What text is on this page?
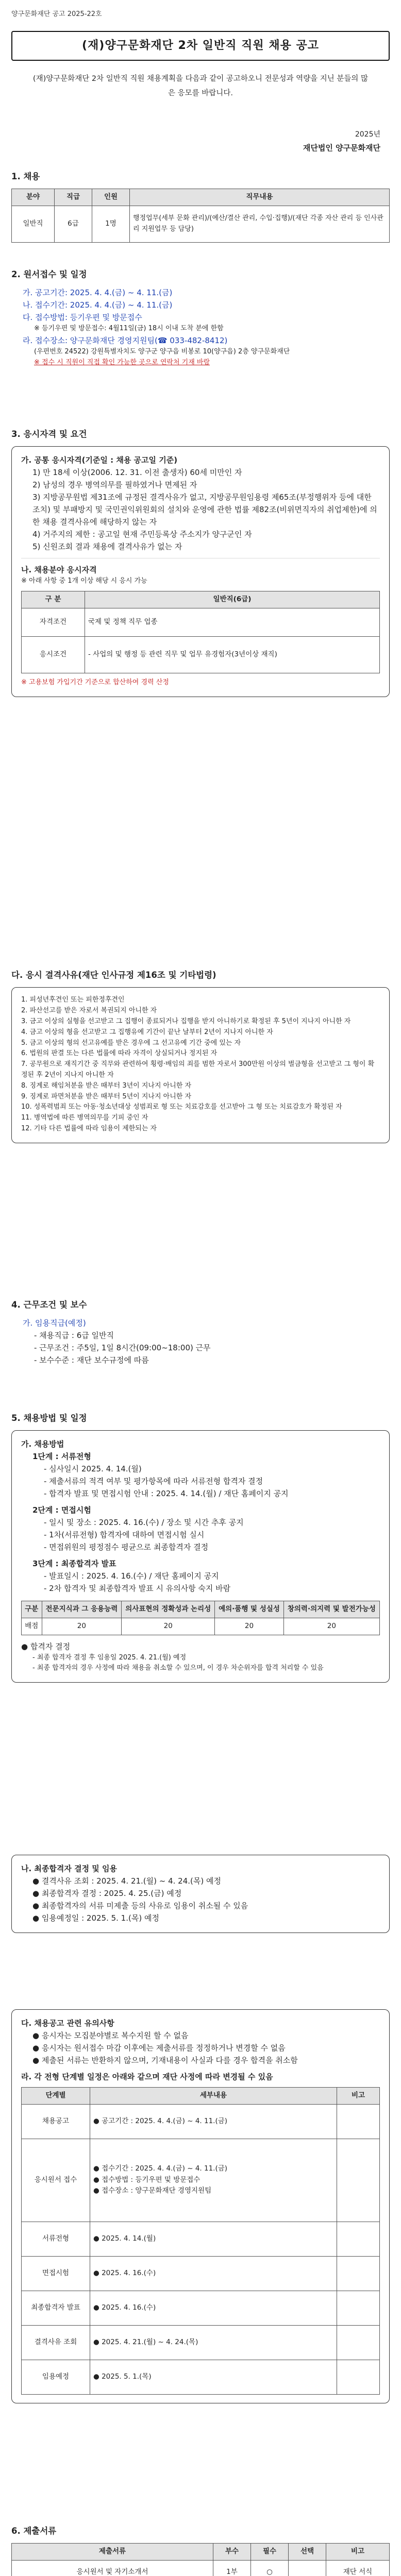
양구문화재단 공고 2025-22호
(재)양구문화재단 2차 일반직 직원 채용 공고
(재)양구문화재단 2차 일반직 직원 채용계획을 다음과 같이 공고하오니 전문성과 역량을 지닌 분들의 많은 응모를 바랍니다.
2025년
재단법인 양구문화재단
1. 채용
분야	직급	인원	직무내용
일반직	6급	1명	행정업무(세부 문화 관리)/(예산/결산 관리, 수입·집행)/(재단 각종 자산 관리 등 인사관리 지원업무 등 담당)
2. 원서접수 및 일정

가. 공고기간: 2025. 4. 4.(금) ~ 4. 11.(금)

나. 접수기간: 2025. 4. 4.(금) ~ 4. 11.(금)

다. 접수방법: 등기우편 및 방문접수

※ 등기우편 및 방문접수: 4월11일(금) 18시 이내 도착 분에 한함

라. 접수장소: 양구문화재단 경영지원팀(☎ 033-482-8412)

(우편번호 24522) 강원특별자치도 양구군 양구읍 비봉로 10(양구읍) 2층 양구문화재단

※ 접수 시 직원이 직접 확인 가능한 곳으로 연락처 기재 바람

3. 응시자격 및 요건

가. 공통 응시자격(기준일 : 채용 공고일 기준)

1) 만 18세 이상(2006. 12. 31. 이전 출생자) 60세 미만인 자

2) 남성의 경우 병역의무를 필하였거나 면제된 자

3) 지방공무원법 제31조에 규정된 결격사유가 없고, 지방공무원임용령 제65조(부정행위자 등에 대한 조치) 및 부패방지 및 국민권익위원회의 설치와 운영에 관한 법률 제82조(비위면직자의 취업제한)에 의한 채용 결격사유에 해당하지 않는 자

4) 거주지의 제한 : 공고일 현재 주민등록상 주소지가 양구군인 자

5) 신원조회 결과 채용에 결격사유가 없는 자

나. 채용분야 응시자격

※ 아래 사항 중 1개 이상 해당 시 응시 가능

구 분	일반직(6급)
자격조건	국제 및 정책 직무 업종
응시조건	- 사업의 및 행정 등 관련 직무 및 업무 유경험자(3년이상 재직)

※ 고용보험 가입기간 기준으로 합산하여 경력 산정

다. 응시 결격사유(재단 인사규정 제16조 및 기타법령)

1. 피성년후견인 또는 피한정후견인

2. 파산선고를 받은 자로서 복권되지 아니한 자

3. 금고 이상의 실형을 선고받고 그 집행이 종료되거나 집행을 받지 아니하기로 확정된 후 5년이 지나지 아니한 자

4. 금고 이상의 형을 선고받고 그 집행유예 기간이 끝난 날부터 2년이 지나지 아니한 자

5. 금고 이상의 형의 선고유예를 받은 경우에 그 선고유예 기간 중에 있는 자

6. 법원의 판결 또는 다른 법률에 따라 자격이 상실되거나 정지된 자

7. 공무원으로 재직기간 중 직무와 관련하여 횡령·배임의 죄를 범한 자로서 300만원 이상의 벌금형을 선고받고 그 형이 확정된 후 2년이 지나지 아니한 자

8. 징계로 해임처분을 받은 때부터 3년이 지나지 아니한 자

9. 징계로 파면처분을 받은 때부터 5년이 지나지 아니한 자

10. 성폭력범죄 또는 아동·청소년대상 성범죄로 형 또는 치료감호를 선고받아 그 형 또는 치료감호가 확정된 자

11. 병역법에 따른 병역의무를 기피 중인 자

12. 기타 다른 법률에 따라 임용이 제한되는 자

4. 근무조건 및 보수

가. 임용직급(예정)

- 채용직급 : 6급 일반직

- 근무조건 : 주5일, 1일 8시간(09:00~18:00) 근무

- 보수수준 : 재단 보수규정에 따름

5. 채용방법 및 일정

가. 채용방법

1단계 : 서류전형

- 심사일시 2025. 4. 14.(월)

- 제출서류의 적격 여부 및 평가항목에 따라 서류전형 합격자 결정

- 합격자 발표 및 면접시험 안내 : 2025. 4. 14.(월) / 재단 홈페이지 공지

2단계 : 면접시험

- 일시 및 장소 : 2025. 4. 16.(수) / 장소 및 시간 추후 공지

- 1차(서류전형) 합격자에 대하여 면접시험 실시

- 면접위원의 평정점수 평균으로 최종합격자 결정

3단계 : 최종합격자 발표

- 발표일시 : 2025. 4. 16.(수) / 재단 홈페이지 공지

- 2차 합격자 및 최종합격자 발표 시 유의사항 숙지 바람

구분	전문지식과 그 응용능력	의사표현의 정확성과 논리성	예의·품행 및 성실성	창의력·의지력 및 발전가능성
배점	20	20	20	20

● 합격자 결정

- 최종 합격자 결정 후 임용일 2025. 4. 21.(월) 예정

- 최종 합격자의 경우 사정에 따라 채용을 취소할 수 있으며, 이 경우 차순위자를 합격 처리할 수 있음

나. 최종합격자 결정 및 임용

● 결격사유 조회 : 2025. 4. 21.(월) ~ 4. 24.(목) 예정

● 최종합격자 결정 : 2025. 4. 25.(금) 예정

● 최종합격자의 서류 미제출 등의 사유로 임용이 취소될 수 있음

● 임용예정일 : 2025. 5. 1.(목) 예정

다. 채용공고 관련 유의사항

● 응시자는 모집분야별로 복수지원 할 수 없음

● 응시자는 원서접수 마감 이후에는 제출서류를 정정하거나 변경할 수 없음

● 제출된 서류는 반환하지 않으며, 기재내용이 사실과 다를 경우 합격을 취소함

라. 각 전형 단계별 일정은 아래와 같으며 재단 사정에 따라 변경될 수 있음

단계별	세부내용	비고
채용공고	● 공고기간 : 2025. 4. 4.(금) ~ 4. 11.(금)	
응시원서 접수	● 접수기간 : 2025. 4. 4.(금) ~ 4. 11.(금)
● 접수방법 : 등기우편 및 방문접수
● 접수장소 : 양구문화재단 경영지원팀	
서류전형	● 2025. 4. 14.(월)	
면접시험	● 2025. 4. 16.(수)	
최종합격자 발표	● 2025. 4. 16.(수)	
결격사유 조회	● 2025. 4. 21.(월) ~ 4. 24.(목)	
임용예정	● 2025. 5. 1.(목)	
6. 제출서류
제출서류	부수	필수	선택	비고
응시원서 및 자기소개서	1부	○		재단 서식
